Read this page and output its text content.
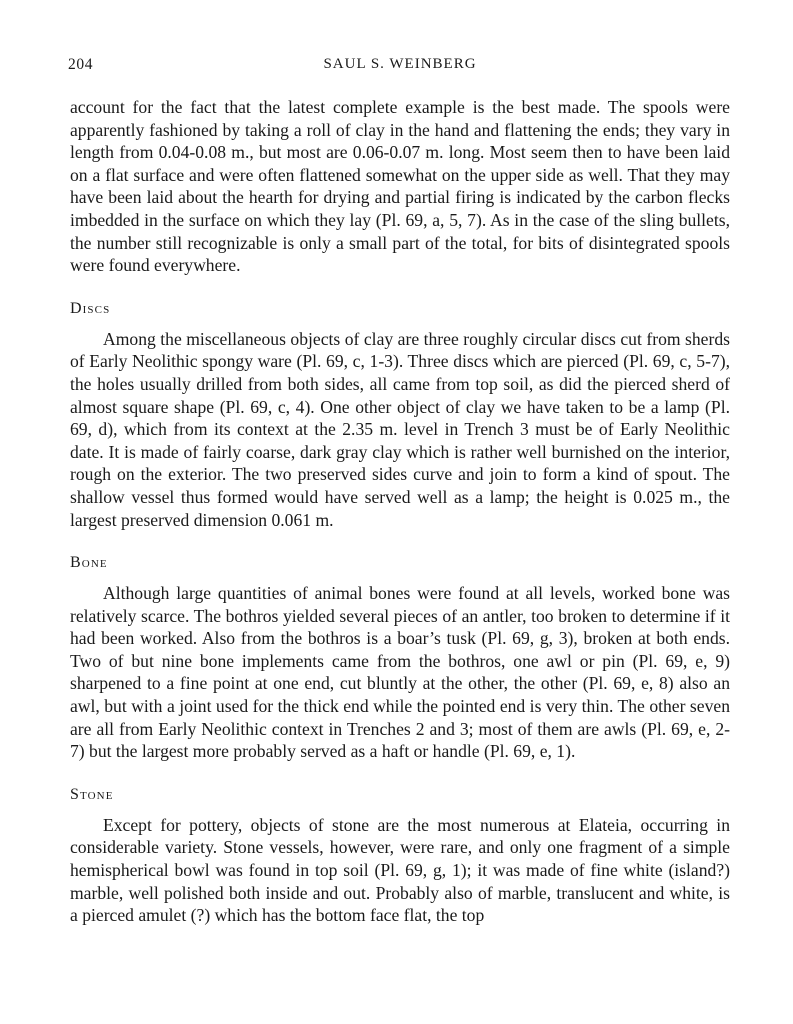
204	SAUL S. WEINBERG

account for the fact that the latest complete example is the best made. The spools were apparently fashioned by taking a roll of clay in the hand and flattening the ends; they vary in length from 0.04-0.08 m., but most are 0.06-0.07 m. long. Most seem then to have been laid on a flat surface and were often flattened somewhat on the upper side as well. That they may have been laid about the hearth for drying and partial firing is indicated by the carbon flecks imbedded in the surface on which they lay (Pl. 69, a, 5, 7). As in the case of the sling bullets, the number still recognizable is only a small part of the total, for bits of disintegrated spools were found everywhere.

Discs

Among the miscellaneous objects of clay are three roughly circular discs cut from sherds of Early Neolithic spongy ware (Pl. 69, c, 1-3). Three discs which are pierced (Pl. 69, c, 5-7), the holes usually drilled from both sides, all came from top soil, as did the pierced sherd of almost square shape (Pl. 69, c, 4). One other object of clay we have taken to be a lamp (Pl. 69, d), which from its context at the 2.35 m. level in Trench 3 must be of Early Neolithic date. It is made of fairly coarse, dark gray clay which is rather well burnished on the interior, rough on the exterior. The two preserved sides curve and join to form a kind of spout. The shallow vessel thus formed would have served well as a lamp; the height is 0.025 m., the largest preserved dimension 0.061 m.

Bone

Although large quantities of animal bones were found at all levels, worked bone was relatively scarce. The bothros yielded several pieces of an antler, too broken to determine if it had been worked. Also from the bothros is a boar’s tusk (Pl. 69, g, 3), broken at both ends. Two of but nine bone implements came from the bothros, one awl or pin (Pl. 69, e, 9) sharpened to a fine point at one end, cut bluntly at the other, the other (Pl. 69, e, 8) also an awl, but with a joint used for the thick end while the pointed end is very thin. The other seven are all from Early Neolithic context in Trenches 2 and 3; most of them are awls (Pl. 69, e, 2-7) but the largest more probably served as a haft or handle (Pl. 69, e, 1).

Stone

Except for pottery, objects of stone are the most numerous at Elateia, occurring in considerable variety. Stone vessels, however, were rare, and only one fragment of a simple hemispherical bowl was found in top soil (Pl. 69, g, 1); it was made of fine white (island?) marble, well polished both inside and out. Probably also of marble, translucent and white, is a pierced amulet (?) which has the bottom face flat, the top
